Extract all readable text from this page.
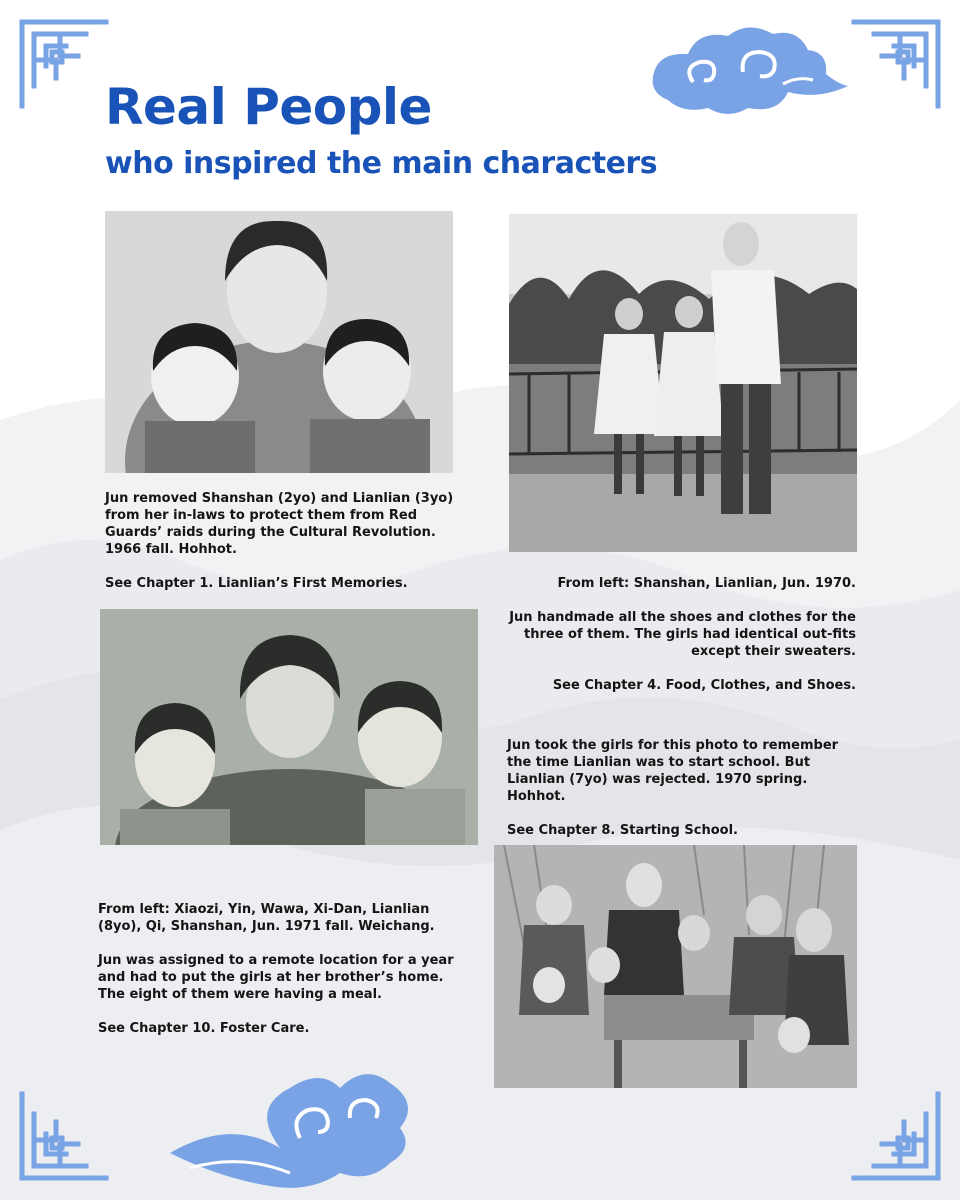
Real People
who inspired the main characters

Jun removed Shanshan (2yo) and Lianlian (3yo) from her in-laws to protect them from Red Guards’ raids during the Cultural Revolution. 1966 fall. Hohhot.

See Chapter 1. Lianlian’s First Memories.	From left: Shanshan, Lianlian, Jun. 1970.

Jun handmade all the shoes and clothes for the three of them. The girls had identical out-fits except their sweaters.

See Chapter 4. Food, Clothes, and Shoes.

Jun took the girls for this photo to remember the time Lianlian was to start school. But Lianlian (7yo) was rejected. 1970 spring. Hohhot.

See Chapter 8. Starting School.

From left: Xiaozi, Yin, Wawa, Xi-Dan, Lianlian (8yo), Qi, Shanshan, Jun. 1971 fall. Weichang.

Jun was assigned to a remote location for a year and had to put the girls at her brother’s home. The eight of them were having a meal.

See Chapter 10. Foster Care.
